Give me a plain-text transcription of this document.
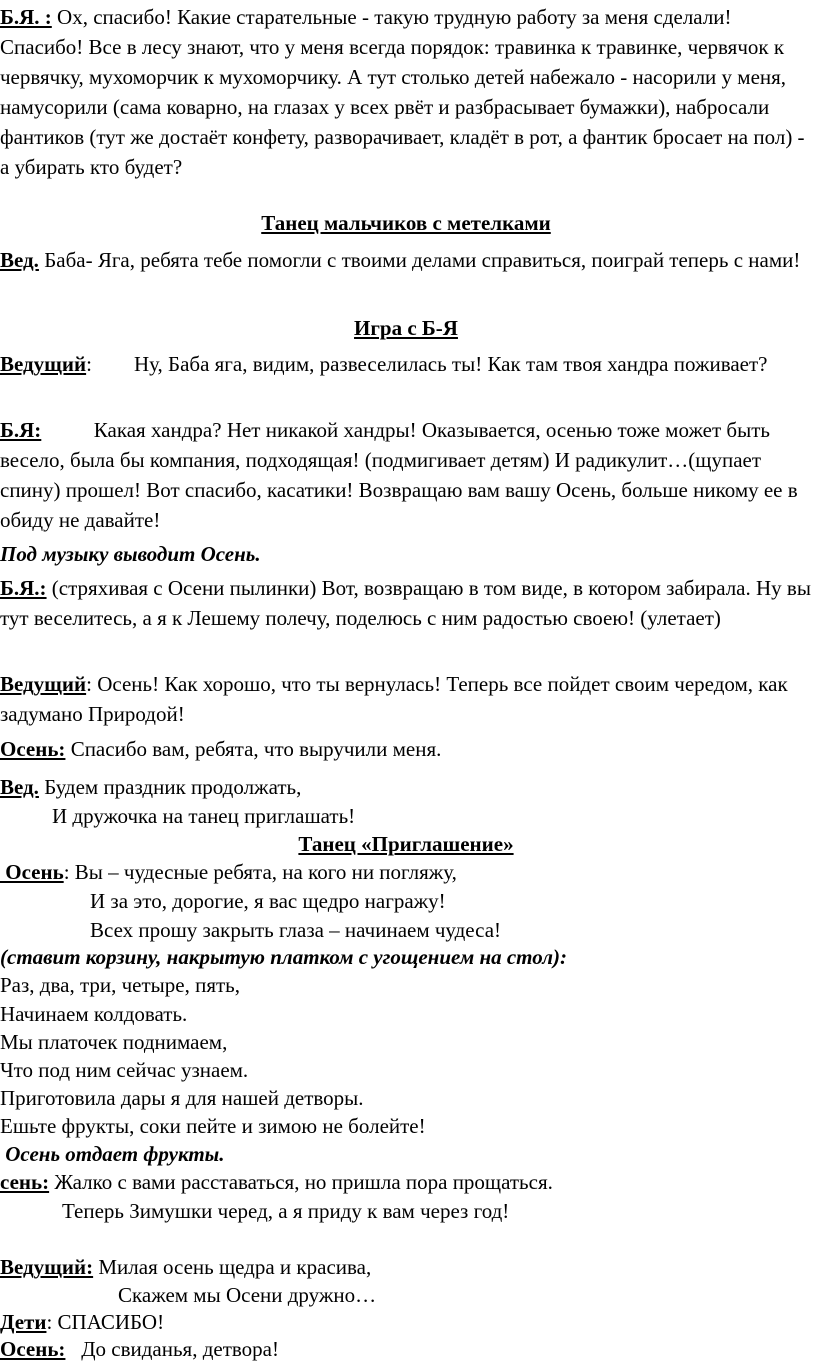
Б.Я. : Ох, спасибо! Какие старательные - такую трудную работу за меня сделали! Спасибо! Все в лесу знают, что у меня всегда порядок: травинка к травинке, червячок к червячку, мухоморчик к мухоморчику. А тут столько детей набежало - насорили у меня, намусорили (сама коварно, на глазах у всех рвёт и разбрасывает бумажки), набросали фантиков (тут же достаёт конфету, разворачивает, кладёт в рот, а фантик бросает на пол) - а убирать кто будет?

Танец мальчиков с метелками

Вед. Баба- Яга, ребята тебе помогли с твоими делами справиться, поиграй теперь с нами!

Игра с Б-Я

Ведущий:        Ну, Баба яга, видим, развеселилась ты! Как там твоя хандра поживает?

Б.Я:          Какая хандра? Нет никакой хандры! Оказывается, осенью тоже может быть весело, была бы компания, подходящая! (подмигивает детям) И радикулит…(щупает спину) прошел! Вот спасибо, касатики! Возвращаю вам вашу Осень, больше никому ее в обиду не давайте!

Под музыку выводит Осень.

Б.Я.: (стряхивая с Осени пылинки) Вот, возвращаю в том виде, в котором забирала. Ну вы тут веселитесь, а я к Лешему полечу, поделюсь с ним радостью своею! (улетает)

Ведущий: Осень! Как хорошо, что ты вернулась! Теперь все пойдет своим чередом, как задумано Природой!

Осень: Спасибо вам, ребята, что выручили меня.

Вед. Будем праздник продолжать,
И дружочка на танец приглашать!

Танец «Приглашение»

Осень: Вы – чудесные ребята, на кого ни погляжу,
И за это, дорогие, я вас щедро награжу!
Всех прошу закрыть глаза – начинаем чудеса!
(ставит корзину, накрытую платком с угощением на стол):
Раз, два, три, четыре, пять,
Начинаем колдовать.
Мы платочек поднимаем,
Что под ним сейчас узнаем.
Приготовила дары я для нашей детворы.
Ешьте фрукты, соки пейте и зимою не болейте!
Осень отдает фрукты.
сень: Жалко с вами расставаться, но пришла пора прощаться.
Теперь Зимушки черед, а я приду к вам через год!
Ведущий: Милая осень щедра и красива,
Скажем мы Осени дружно…
Дети: СПАСИБО!
Осень:   До свиданья, детвора!
